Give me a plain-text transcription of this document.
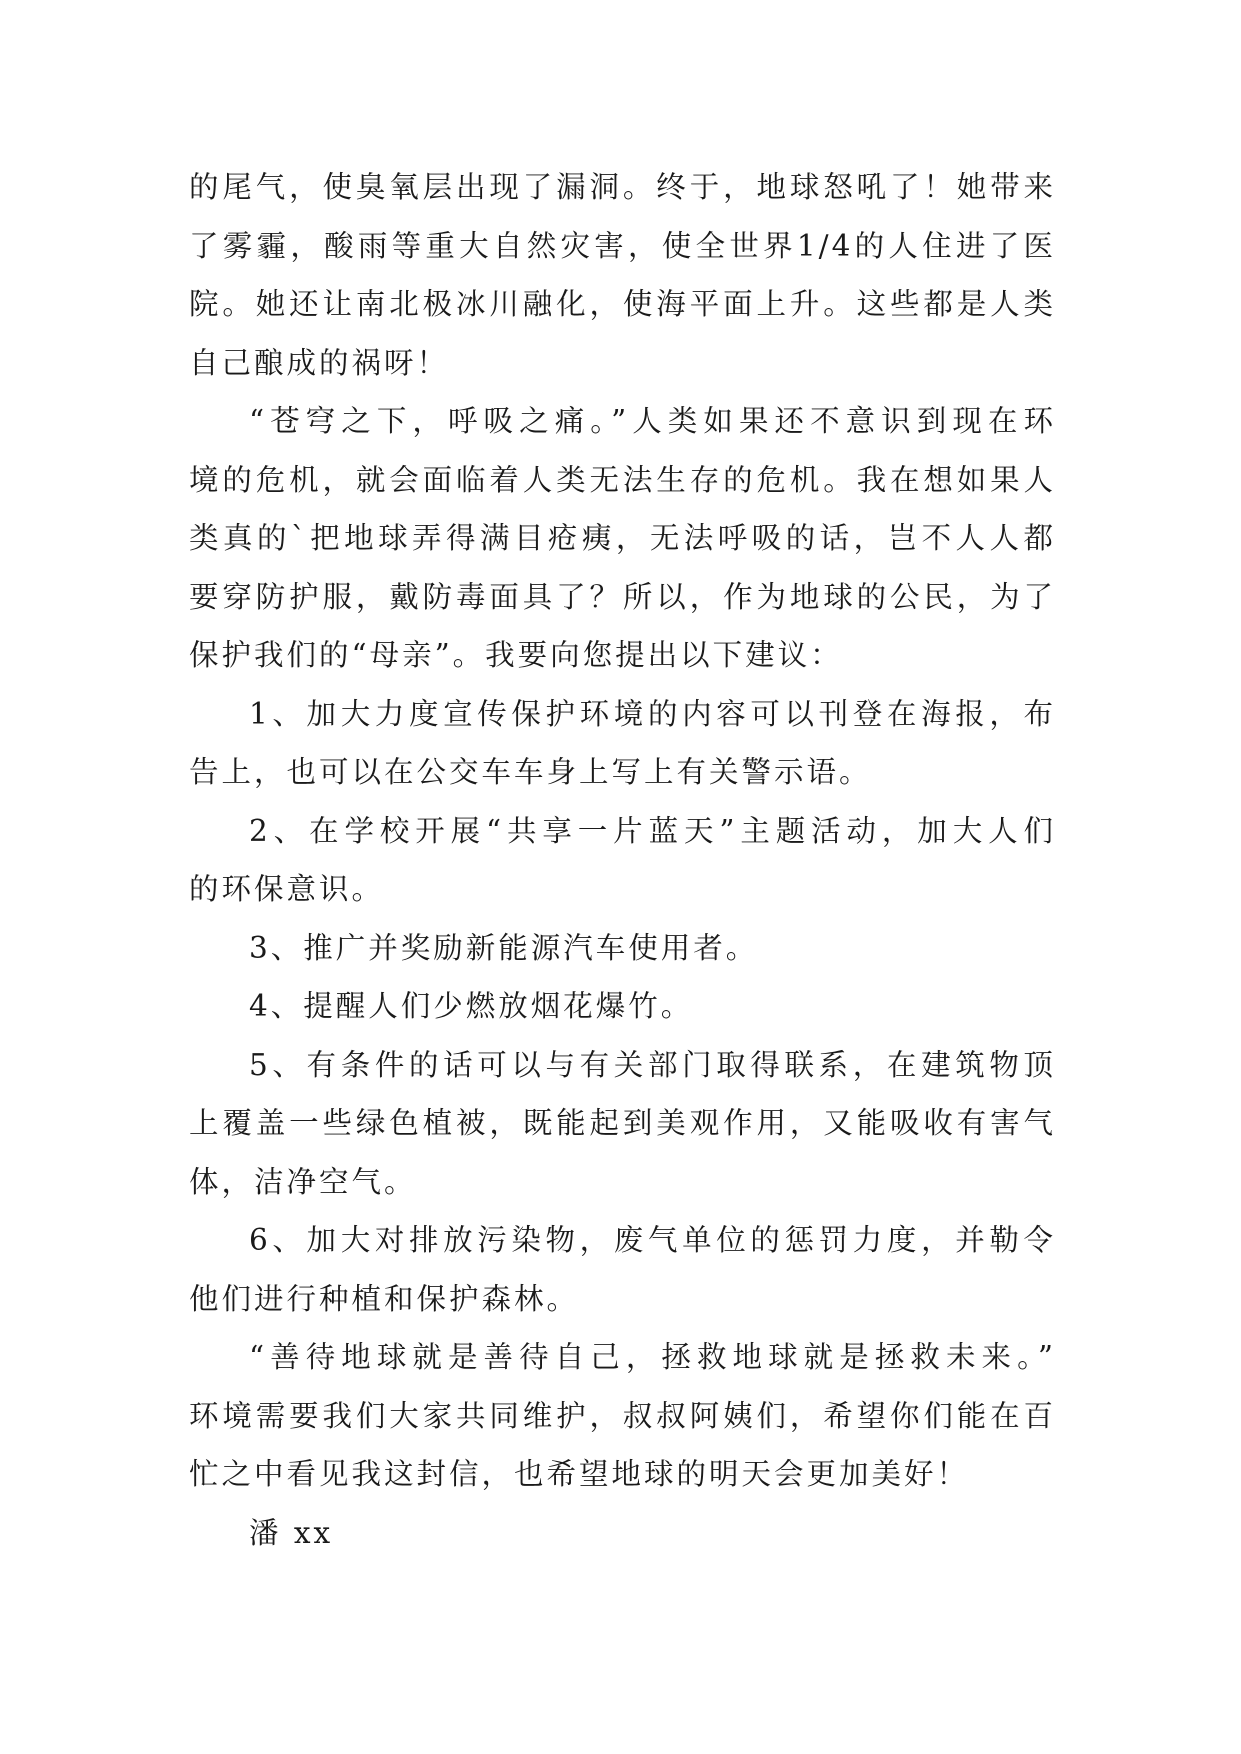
的尾气，使臭氧层出现了漏洞。终于，地球怒吼了！她带来
了雾霾，酸雨等重大自然灾害，使全世界1/4的人住进了医
院。她还让南北极冰川融化，使海平面上升。这些都是人类
自己酿成的祸呀！
“苍穹之下，呼吸之痛。”人类如果还不意识到现在环
境的危机，就会面临着人类无法生存的危机。我在想如果人
类真的`把地球弄得满目疮痍，无法呼吸的话，岂不人人都
要穿防护服，戴防毒面具了？所以，作为地球的公民，为了
保护我们的“母亲”。我要向您提出以下建议：
1、加大力度宣传保护环境的内容可以刊登在海报，布
告上，也可以在公交车车身上写上有关警示语。
2、在学校开展“共享一片蓝天”主题活动，加大人们
的环保意识。
3、推广并奖励新能源汽车使用者。
4、提醒人们少燃放烟花爆竹。
5、有条件的话可以与有关部门取得联系，在建筑物顶
上覆盖一些绿色植被，既能起到美观作用，又能吸收有害气
体，洁净空气。
6、加大对排放污染物，废气单位的惩罚力度，并勒令
他们进行种植和保护森林。
“善待地球就是善待自己，拯救地球就是拯救未来。”
环境需要我们大家共同维护，叔叔阿姨们，希望你们能在百
忙之中看见我这封信，也希望地球的明天会更加美好！
潘 xx
